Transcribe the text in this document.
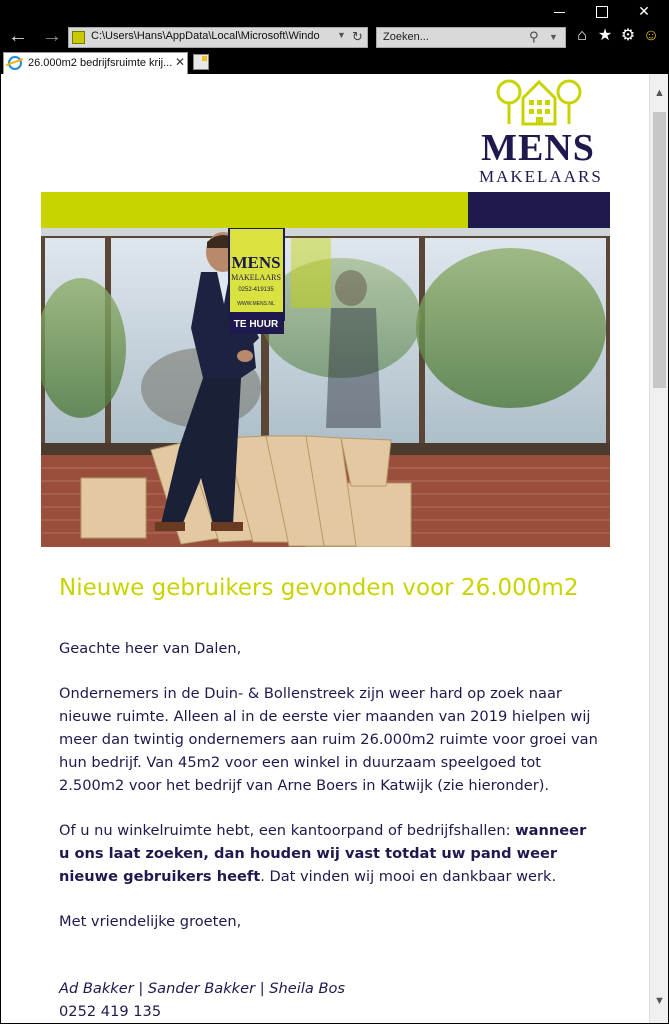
✕
← →	C:\Users\Hans\AppData\Local\Microsoft\Windo	▼ ↻ Zoeken...	⚲ ▼	⌂ ★ ⚙ ☺
26.000m2 bedrijfsruimte krij... ✕
MENS
MAKELAARS
MENS
MAKELAARS
0252-419135
WWW.MENS.NL
TE HUUR
Nieuwe gebruikers gevonden voor 26.000m2
Geachte heer van Dalen,
Ondernemers in de Duin- & Bollenstreek zijn weer hard op zoek naar nieuwe ruimte. Alleen al in de eerste vier maanden van 2019 hielpen wij meer dan twintig ondernemers aan ruim 26.000m2 ruimte voor groei van hun bedrijf. Van 45m2 voor een winkel in duurzaam speelgoed tot 2.500m2 voor het bedrijf van Arne Boers in Katwijk (zie hieronder).
Of u nu winkelruimte hebt, een kantoorpand of bedrijfshallen: wanneer u ons laat zoeken, dan houden wij vast totdat uw pand weer nieuwe gebruikers heeft. Dat vinden wij mooi en dankbaar werk.
Met vriendelijke groeten,
Ad Bakker | Sander Bakker | Sheila Bos
0252 419 135
▲
▼
